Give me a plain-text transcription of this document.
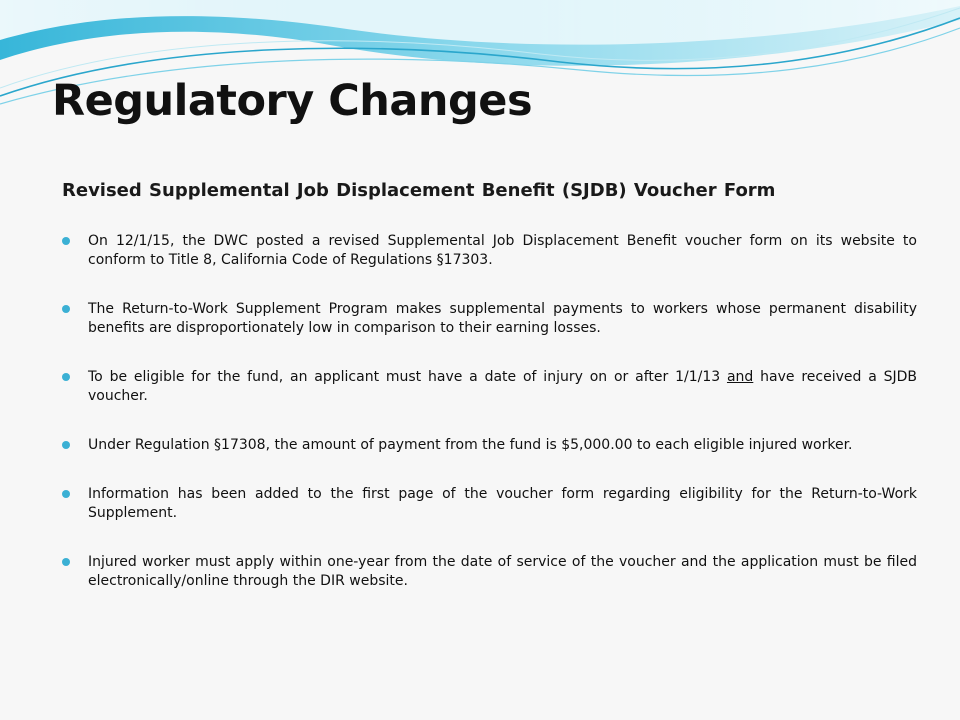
Regulatory Changes
Revised Supplemental Job Displacement Benefit (SJDB) Voucher Form
On 12/1/15, the DWC posted a revised Supplemental Job Displacement Benefit voucher form on its website to conform to Title 8, California Code of Regulations §17303.
The Return-to-Work Supplement Program makes supplemental payments to workers whose permanent disability benefits are disproportionately low in comparison to their earning losses.
To be eligible for the fund, an applicant must have a date of injury on or after 1/1/13 and have received a SJDB voucher.
Under Regulation §17308, the amount of payment from the fund is $5,000.00 to each eligible injured worker.
Information has been added to the first page of the voucher form regarding eligibility for the Return-to-Work Supplement.
Injured worker must apply within one-year from the date of service of the voucher and the application must be filed electronically/online through the DIR website.
